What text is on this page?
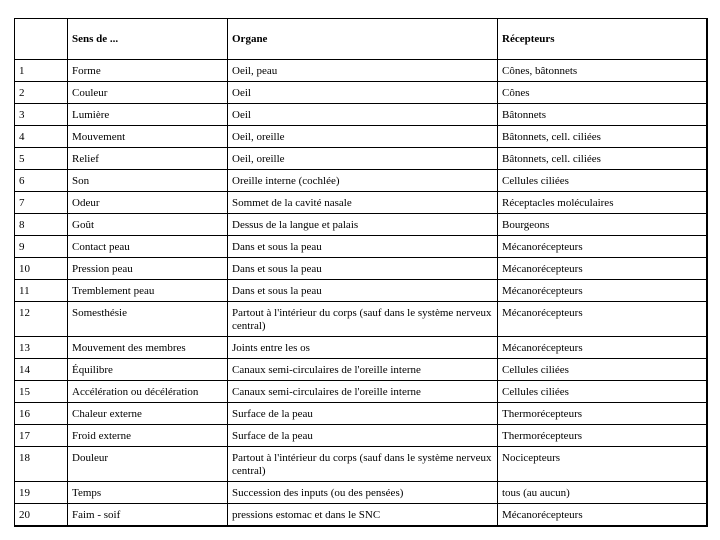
	Sens de ...	Organe	Récepteurs
1	Forme	Oeil, peau	Cônes, bâtonnets
2	Couleur	Oeil	Cônes
3	Lumière	Oeil	Bâtonnets
4	Mouvement	Oeil, oreille	Bâtonnets, cell. ciliées
5	Relief	Oeil, oreille	Bâtonnets, cell. ciliées
6	Son	Oreille interne (cochlée)	Cellules ciliées
7	Odeur	Sommet de la cavité nasale	Réceptacles moléculaires
8	Goût	Dessus de la langue et palais	Bourgeons
9	Contact peau	Dans et sous la peau	Mécanorécepteurs
10	Pression peau	Dans et sous la peau	Mécanorécepteurs
11	Tremblement peau	Dans et sous la peau	Mécanorécepteurs
12	Somesthésie	Partout à l'intérieur du corps (sauf dans le système nerveux central)	Mécanorécepteurs
13	Mouvement des membres	Joints entre les os	Mécanorécepteurs
14	Équilibre	Canaux semi-circulaires de l'oreille interne	Cellules ciliées
15	Accélération ou décélération	Canaux semi-circulaires de l'oreille interne	Cellules ciliées
16	Chaleur externe	Surface de la peau	Thermorécepteurs
17	Froid externe	Surface de la peau	Thermorécepteurs
18	Douleur	Partout à l'intérieur du corps (sauf dans le système nerveux central)	Nocicepteurs
19	Temps	Succession des inputs (ou des pensées)	tous (au aucun)
20	Faim - soif	pressions estomac et dans le SNC	Mécanorécepteurs
